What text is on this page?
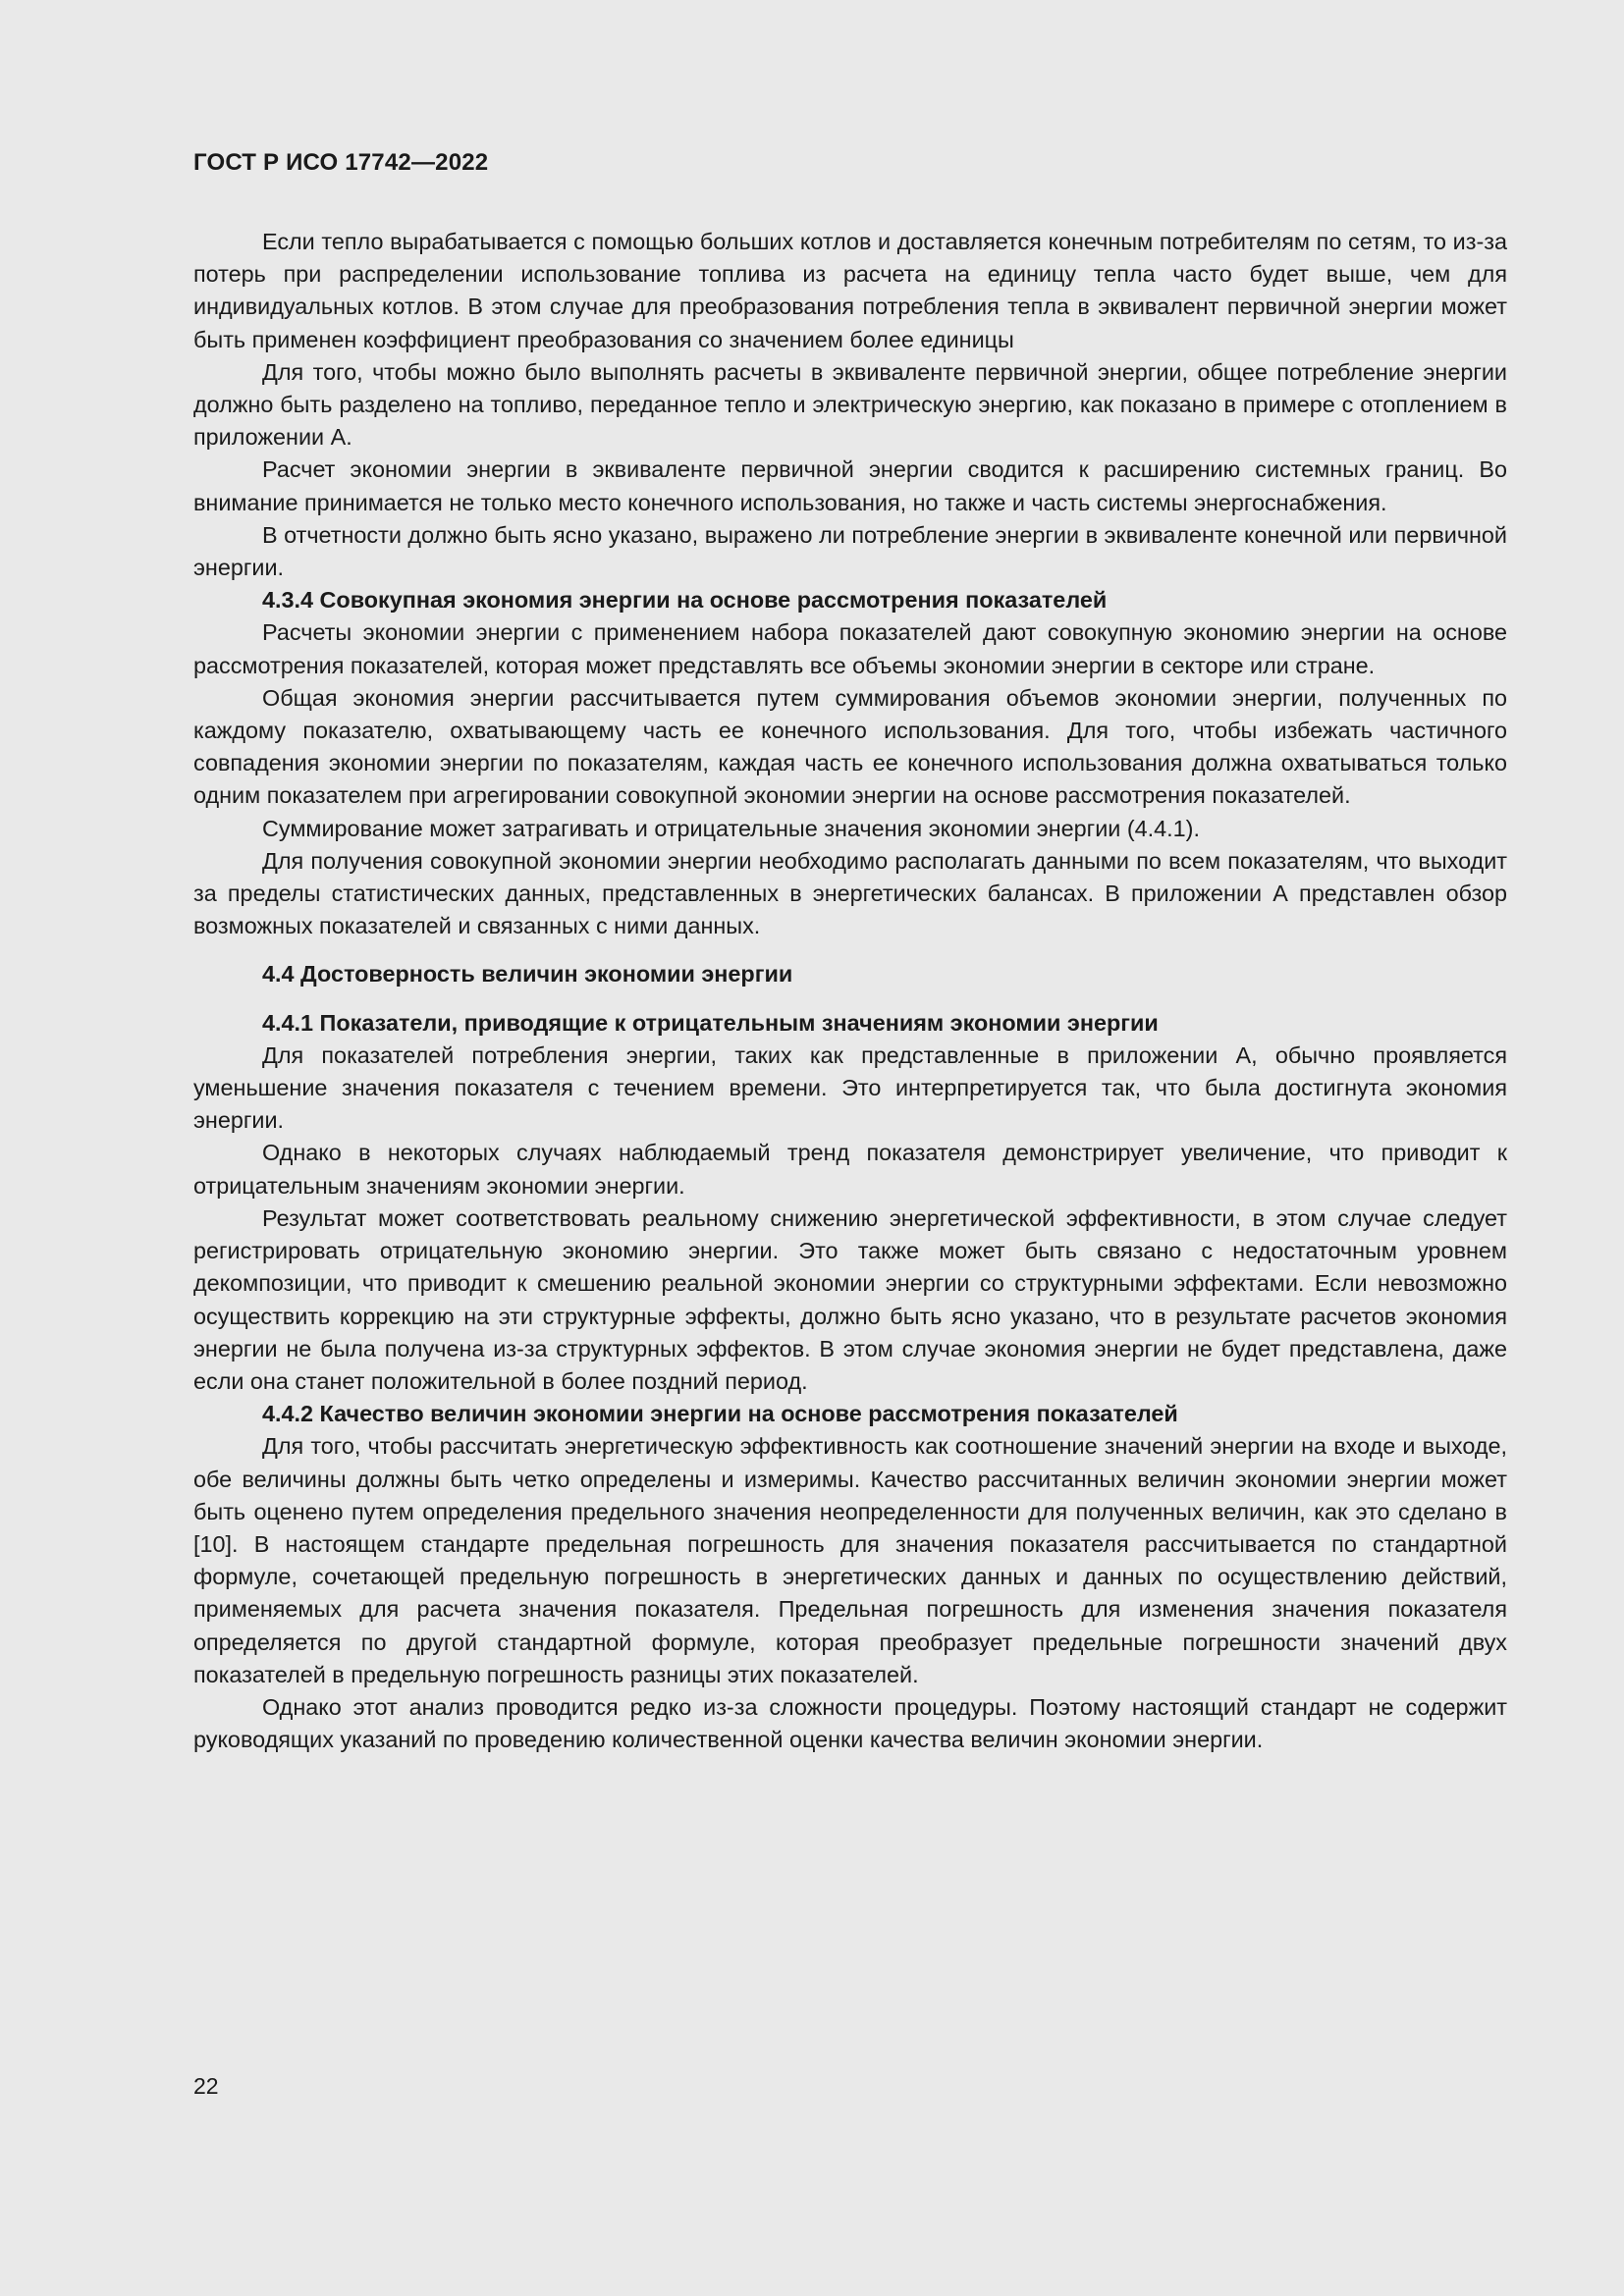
ГОСТ Р ИСО 17742—2022

Если тепло вырабатывается с помощью больших котлов и доставляется конечным потребителям по сетям, то из-за потерь при распределении использование топлива из расчета на единицу тепла часто будет выше, чем для индивидуальных котлов. В этом случае для преобразования потребления тепла в эквивалент первичной энергии может быть применен коэффициент преобразования со значением более единицы

Для того, чтобы можно было выполнять расчеты в эквиваленте первичной энергии, общее потребление энергии должно быть разделено на топливо, переданное тепло и электрическую энергию, как показано в примере с отоплением в приложении А.

Расчет экономии энергии в эквиваленте первичной энергии сводится к расширению системных границ. Во внимание принимается не только место конечного использования, но также и часть системы энергоснабжения.

В отчетности должно быть ясно указано, выражено ли потребление энергии в эквиваленте конечной или первичной энергии.

4.3.4 Совокупная экономия энергии на основе рассмотрения показателей

Расчеты экономии энергии с применением набора показателей дают совокупную экономию энергии на основе рассмотрения показателей, которая может представлять все объемы экономии энергии в секторе или стране.

Общая экономия энергии рассчитывается путем суммирования объемов экономии энергии, полученных по каждому показателю, охватывающему часть ее конечного использования. Для того, чтобы избежать частичного совпадения экономии энергии по показателям, каждая часть ее конечного использования должна охватываться только одним показателем при агрегировании совокупной экономии энергии на основе рассмотрения показателей.

Суммирование может затрагивать и отрицательные значения экономии энергии (4.4.1).

Для получения совокупной экономии энергии необходимо располагать данными по всем показателям, что выходит за пределы статистических данных, представленных в энергетических балансах. В приложении А представлен обзор возможных показателей и связанных с ними данных.

4.4 Достоверность величин экономии энергии
4.4.1 Показатели, приводящие к отрицательным значениям экономии энергии

Для показателей потребления энергии, таких как представленные в приложении А, обычно проявляется уменьшение значения показателя с течением времени. Это интерпретируется так, что была достигнута экономия энергии.

Однако в некоторых случаях наблюдаемый тренд показателя демонстрирует увеличение, что приводит к отрицательным значениям экономии энергии.

Результат может соответствовать реальному снижению энергетической эффективности, в этом случае следует регистрировать отрицательную экономию энергии. Это также может быть связано с недостаточным уровнем декомпозиции, что приводит к смешению реальной экономии энергии со структурными эффектами. Если невозможно осуществить коррекцию на эти структурные эффекты, должно быть ясно указано, что в результате расчетов экономия энергии не была получена из-за структурных эффектов. В этом случае экономия энергии не будет представлена, даже если она станет положительной в более поздний период.

4.4.2 Качество величин экономии энергии на основе рассмотрения показателей

Для того, чтобы рассчитать энергетическую эффективность как соотношение значений энергии на входе и выходе, обе величины должны быть четко определены и измеримы. Качество рассчитанных величин экономии энергии может быть оценено путем определения предельного значения неопределенности для полученных величин, как это сделано в [10]. В настоящем стандарте предельная погрешность для значения показателя рассчитывается по стандартной формуле, сочетающей предельную погрешность в энергетических данных и данных по осуществлению действий, применяемых для расчета значения показателя. Предельная погрешность для изменения значения показателя определяется по другой стандартной формуле, которая преобразует предельные погрешности значений двух показателей в предельную погрешность разницы этих показателей.

Однако этот анализ проводится редко из-за сложности процедуры. Поэтому настоящий стандарт не содержит руководящих указаний по проведению количественной оценки качества величин экономии энергии.

22
